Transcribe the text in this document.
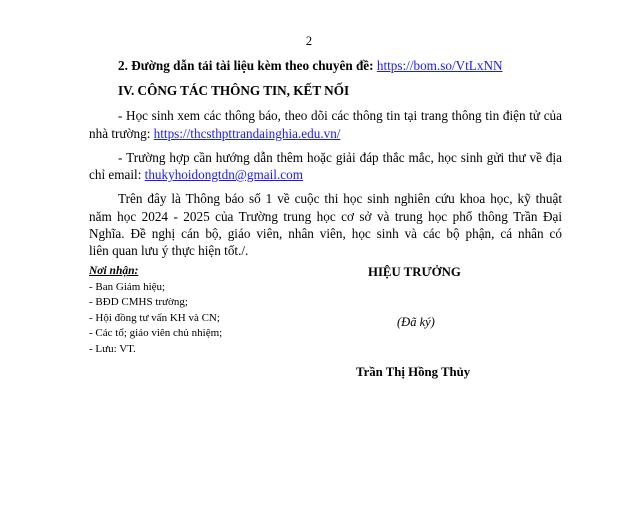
2
2. Đường dẫn tải tài liệu kèm theo chuyên đề: https://bom.so/VtLxNN
IV. CÔNG TÁC THÔNG TIN, KẾT NỐI
- Học sinh xem các thông báo, theo dõi các thông tin tại trang thông tin điện tử của
nhà trường: https://thcsthpttrandainghia.edu.vn/
- Trường hợp cần hướng dẫn thêm hoặc giải đáp thắc mắc, học sinh gửi thư về địa
chỉ email: thukyhoidongtdn@gmail.com
Trên đây là Thông báo số 1 về cuộc thi học sinh nghiên cứu khoa học, kỹ thuật
năm học 2024 - 2025 của Trường trung học cơ sở và trung học phổ thông Trần Đại
Nghĩa. Đề nghị cán bộ, giáo viên, nhân viên, học sinh và các bộ phận, cá nhân có
liên quan lưu ý thực hiện tốt./.
Nơi nhận:
- Ban Giám hiệu;
- BĐD CMHS trường;
- Hội đồng tư vấn KH và CN;
- Các tổ; giáo viên chủ nhiệm;
- Lưu: VT.
HIỆU TRƯỞNG
(Đã ký)
Trần Thị Hồng Thủy
